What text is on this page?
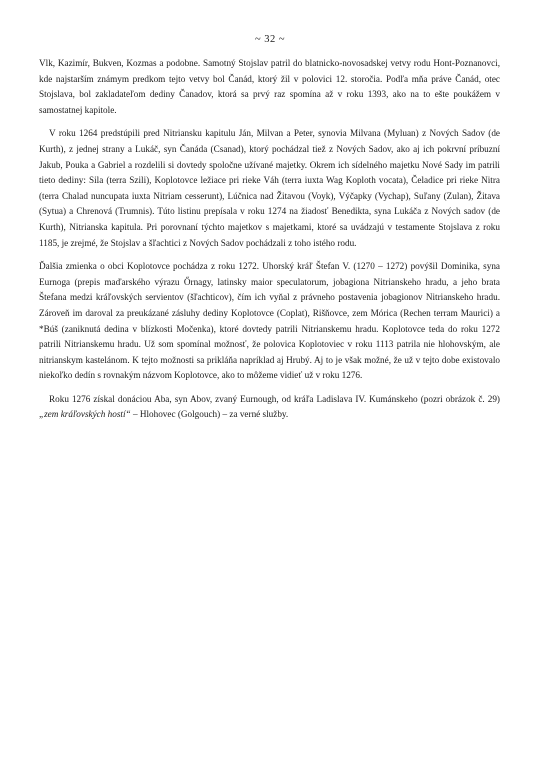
~ 32 ~

Vlk, Kazimír, Bukven, Kozmas a podobne. Samotný Stojslav patril do blatnicko-novosadskej vetvy rodu Hont-Poznanovci, kde najstarším známym predkom tejto vetvy bol Čanád, ktorý žil v polovici 12. storočia. Podľa mňa práve Čanád, otec Stojslava, bol zakladateľom dediny Čanadov, ktorá sa prvý raz spomína až v roku 1393, ako na to ešte poukážem v samostatnej kapitole.

V roku 1264 predstúpili pred Nitriansku kapitulu Ján, Milvan a Peter, synovia Milvana (Myluan) z Nových Sadov (de Kurth), z jednej strany a Lukáč, syn Čanáda (Csanad), ktorý pochádzal tiež z Nových Sadov, ako aj ich pokrvní príbuzní Jakub, Pouka a Gabriel a rozdelili si dovtedy spoločne užívané majetky. Okrem ich sídelného majetku Nové Sady im patrili tieto dediny: Sila (terra Szili), Koplotovce ležiace pri rieke Váh (terra iuxta Wag Koploth vocata), Čeladice pri rieke Nitra (terra Chalad nuncupata iuxta Nitriam cesserunt), Lúčnica nad Žitavou (Voyk), Výčapky (Vychap), Suľany (Zulan), Žitava (Sytua) a Chrenová (Trumnis). Túto listinu prepísala v roku 1274 na žiadosť Benedikta, syna Lukáča z Nových sadov (de Kurth), Nitrianska kapitula. Pri porovnaní týchto majetkov s majetkami, ktoré sa uvádzajú v testamente Stojslava z roku 1185, je zrejmé, že Stojslav a šľachtici z Nových Sadov pochádzali z toho istého rodu.

Ďalšia zmienka o obci Koplotovce pochádza z roku 1272. Uhorský kráľ Štefan V. (1270 – 1272) povýšil Dominika, syna Eurnoga (prepis maďarského výrazu Őrnagy, latinsky maior speculatorum, jobagiona Nitrianskeho hradu, a jeho brata Štefana medzi kráľovských servientov (šľachticov), čím ich vyňal z právneho postavenia jobagionov Nitrianskeho hradu. Zároveň im daroval za preukázané zásluhy dediny Koplotovce (Coplat), Rišňovce, zem Mórica (Rechen terram Maurici) a *Búš (zaniknutá dedina v blízkosti Močenka), ktoré dovtedy patrili Nitrianskemu hradu. Koplotovce teda do roku 1272 patrili Nitrianskemu hradu. Už som spomínal možnosť, že polovica Koplotoviec v roku 1113 patrila nie hlohovským, ale nitrianskym kastelánom. K tejto možnosti sa prikláňa napríklad aj Hrubý. Aj to je však možné, že už v tejto dobe existovalo niekoľko dedín s rovnakým názvom Koplotovce, ako to môžeme vidieť už v roku 1276.

Roku 1276 získal donáciou Aba, syn Abov, zvaný Eurnough, od kráľa Ladislava IV. Kumánskeho (pozri obrázok č. 29) „zem kráľovských hostí“ – Hlohovec (Golgouch) – za verné služby.
